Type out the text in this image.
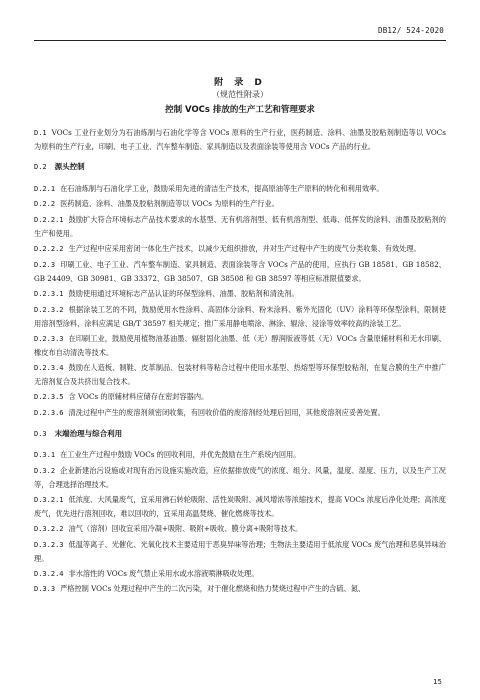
DB12/ 524-2020
附 录 D
（规范性附录）
控制 VOCs 排放的生产工艺和管理要求
D.1 VOCs 工业行业划分为石油炼制与石油化学等含 VOCs 原料的生产行业，医药制造、涂料、油墨及胶粘剂制造等以 VOCs 为原料的生产行业，印刷、电子工业、汽车整车制造、家具制造以及表面涂装等使用含 VOCs 产品的行业。
D.2 源头控制
D.2.1 在石油炼制与石油化学工业，鼓励采用先进的清洁生产技术，提高原油等生产原料的转化和利用效率。
D.2.2 医药制造、涂料、油墨及胶粘剂制造等以 VOCs 为原料的生产行业。
D.2.2.1 鼓励扩大符合环境标志产品技术要求的水基型、无有机溶剂型、低有机溶剂型、低毒、低挥发的涂料、油墨及胶粘剂的生产和使用。
D.2.2.2 生产过程中应采用密闭一体化生产技术，以减少无组织排放，并对生产过程中产生的废气分类收集、有效处理。
D.2.3 印刷工业、电子工业、汽车整车制造、家具制造、表面涂装等含 VOCs 产品的使用，应执行 GB 18581、GB 18582、GB 24409、GB 30981、GB 33372、GB 38507、GB 38508 和 GB 38597 等相应标准限值要求。
D.2.3.1 鼓励使用通过环境标志产品认证的环保型涂料、油墨、胶粘剂和清洗剂。
D.2.3.2 根据涂装工艺的不同，鼓励使用水性涂料、高固体分涂料、粉末涂料、紫外光固化（UV）涂料等环保型涂料，限制使用溶剂型涂料，涂料应满足 GB/T 38597 相关规定；推广采用静电喷涂、淋涂、辊涂、浸涂等效率较高的涂装工艺。
D.2.3.3 在印刷工业，鼓励使用植物油基油墨、辐射固化油墨、低（无）醇润版液等低（无）VOCs 含量原辅材料和无水印刷、橡皮布自动清洗等技术。
D.2.3.4 鼓励在人造板、制鞋、皮革制品、包装材料等粘合过程中使用水基型、热熔型等环保型胶粘剂，在复合膜的生产中推广无溶剂复合及共挤出复合技术。
D.2.3.5 含 VOCs 的原辅材料应储存在密封容器内。
D.2.3.6 清洗过程中产生的废溶剂须密闭收集，有回收价值的废溶剂经处理后回用，其他废溶剂应妥善处置。
D.3 末端治理与综合利用
D.3.1 在工业生产过程中鼓励 VOCs 的回收利用，并优先鼓励在生产系统内回用。
D.3.2 企业新建治污设施或对现有治污设施实施改造，应依据排放废气的浓度、组分、风量，温度、湿度、压力，以及生产工况等，合理选择治理技术。
D.3.2.1 低浓度、大风量废气，宜采用沸石转轮吸附、活性炭吸附、减风增浓等浓缩技术，提高 VOCs 浓度后净化处理；高浓度废气，优先进行溶剂回收，难以回收的，宜采用高温焚烧、催化燃烧等技术。
D.3.2.2 油气（溶剂）回收宜采用冷凝+吸附、吸附+吸收、膜分离+吸附等技术。
D.3.2.3 低温等离子、光催化、光氧化技术主要适用于恶臭异味等治理；生物法主要适用于低浓度 VOCs 废气治理和恶臭异味治理。
D.3.2.4 非水溶性的 VOCs 废气禁止采用水或水溶液喷淋吸收处理。
D.3.3 严格控制 VOCs 处理过程中产生的二次污染，对于催化燃烧和热力焚烧过程中产生的含硫、氮、
15
